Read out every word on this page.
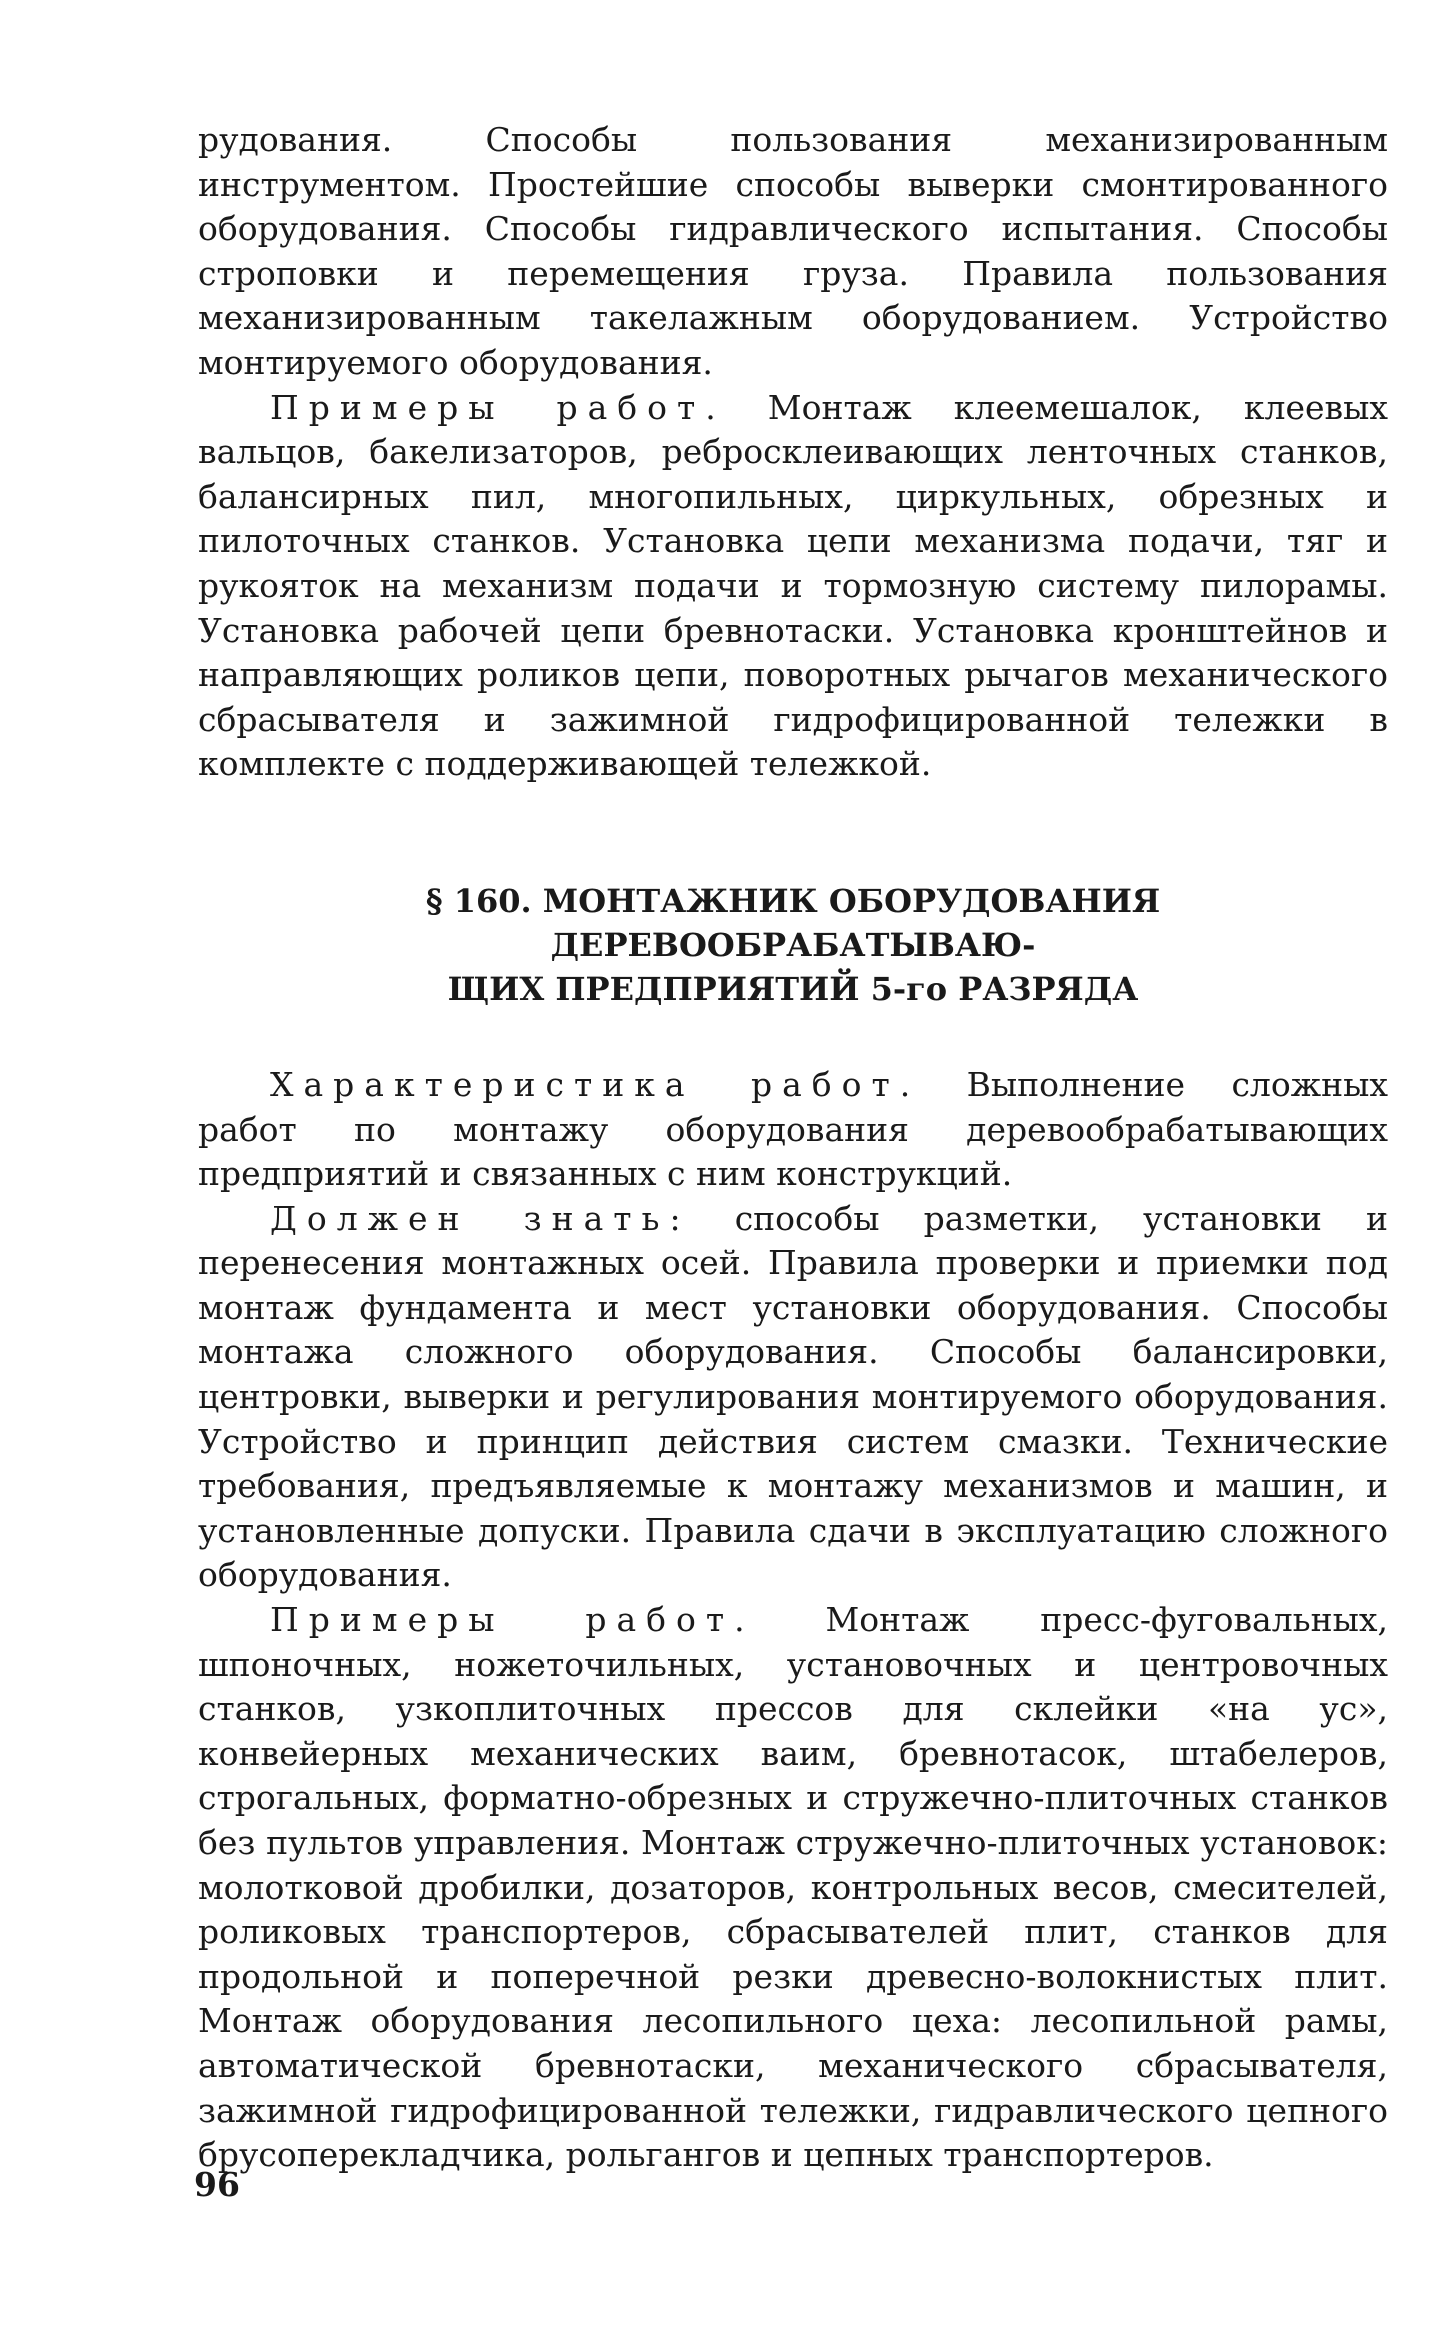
рудования. Способы пользования механизированным инструментом. Простейшие способы выверки смонтированного оборудования. Способы гидравлического испытания. Способы строповки и перемещения груза. Правила пользования механизированным такелажным оборудованием. Устройство монтируемого оборудования.

Примеры работ. Монтаж клеемешалок, клеевых вальцов, бакелизаторов, ребросклеивающих ленточных станков, балансирных пил, многопильных, циркульных, обрезных и пилоточных станков. Установка цепи механизма подачи, тяг и рукояток на механизм подачи и тормозную систему пилорамы. Установка рабочей цепи бревнотаски. Установка кронштейнов и направляющих роликов цепи, поворотных рычагов механического сбрасывателя и зажимной гидрофицированной тележки в комплекте с поддерживающей тележкой.

§ 160. МОНТАЖНИК ОБОРУДОВАНИЯ ДЕРЕВООБРАБАТЫВАЮ-
ЩИХ ПРЕДПРИЯТИЙ 5-го РАЗРЯДА

Характеристика работ. Выполнение сложных работ по монтажу оборудования деревообрабатывающих предприятий и связанных с ним конструкций.

Должен знать: способы разметки, установки и перенесения монтажных осей. Правила проверки и приемки под монтаж фундамента и мест установки оборудования. Способы монтажа сложного оборудования. Способы балансировки, центровки, выверки и регулирования монтируемого оборудования. Устройство и принцип действия систем смазки. Технические требования, предъявляемые к монтажу механизмов и машин, и установленные допуски. Правила сдачи в эксплуатацию сложного оборудования.

Примеры работ. Монтаж пресс-фуговальных, шпоночных, ножеточильных, установочных и центровочных станков, узкоплиточных прессов для склейки «на ус», конвейерных механических ваим, бревнотасок, штабелеров, строгальных, форматно-обрезных и стружечно-плиточных станков без пультов управления. Монтаж стружечно-плиточных установок: молотковой дробилки, дозаторов, контрольных весов, смесителей, роликовых транспортеров, сбрасывателей плит, станков для продольной и поперечной резки древесно-волокнистых плит. Монтаж оборудования лесопильного цеха: лесопильной рамы, автоматической бревнотаски, механического сбрасывателя, зажимной гидрофицированной тележки, гидравлического цепного брусоперекладчика, рольгангов и цепных транспортеров.

96
